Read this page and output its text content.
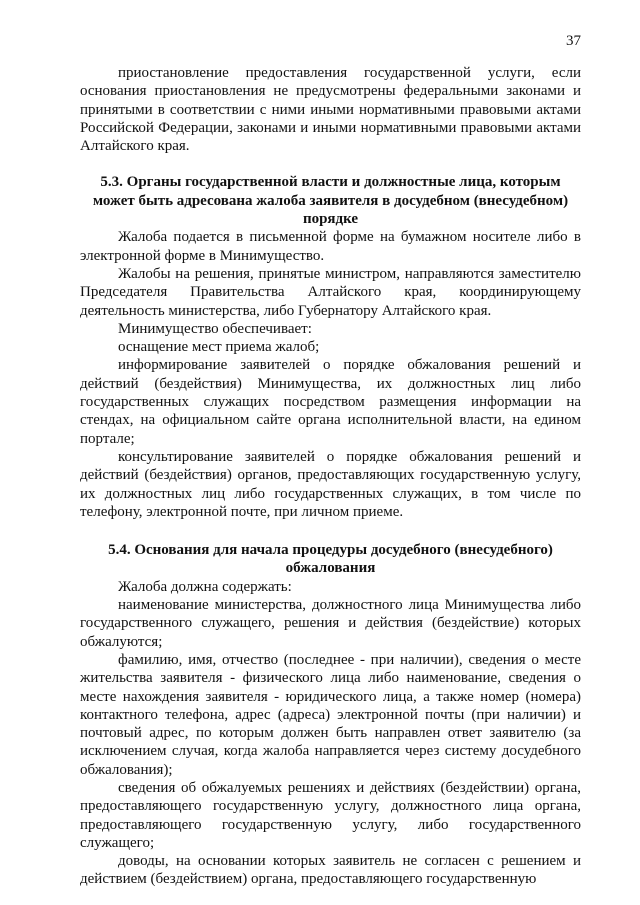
37

приостановление предоставления государственной услуги, если основания приостановления не предусмотрены федеральными законами и принятыми в соответствии с ними иными нормативными правовыми актами Российской Федерации, законами и иными нормативными правовыми актами Алтайского края.

5.3. Органы государственной власти и должностные лица, которым может быть адресована жалоба заявителя в досудебном (внесудебном) порядке

Жалоба подается в письменной форме на бумажном носителе либо в электронной форме в Минимущество.

Жалобы на решения, принятые министром, направляются заместителю Председателя Правительства Алтайского края, координирующему деятельность министерства, либо Губернатору Алтайского края.

Минимущество обеспечивает:

оснащение мест приема жалоб;

информирование заявителей о порядке обжалования решений и действий (бездействия) Минимущества, их должностных лиц либо государственных служащих посредством размещения информации на стендах, на официальном сайте органа исполнительной власти, на едином портале;

консультирование заявителей о порядке обжалования решений и действий (бездействия) органов, предоставляющих государственную услугу, их должностных лиц либо государственных служащих, в том числе по телефону, электронной почте, при личном приеме.

5.4. Основания для начала процедуры досудебного (внесудебного) обжалования

Жалоба должна содержать:

наименование министерства, должностного лица Минимущества либо государственного служащего, решения и действия (бездействие) которых обжалуются;

фамилию, имя, отчество (последнее - при наличии), сведения о месте жительства заявителя - физического лица либо наименование, сведения о месте нахождения заявителя - юридического лица, а также номер (номера) контактного телефона, адрес (адреса) электронной почты (при наличии) и почтовый адрес, по которым должен быть направлен ответ заявителю (за исключением случая, когда жалоба направляется через систему досудебного обжалования);

сведения об обжалуемых решениях и действиях (бездействии) органа, предоставляющего государственную услугу, должностного лица органа, предоставляющего государственную услугу, либо государственного служащего;

доводы, на основании которых заявитель не согласен с решением и действием (бездействием) органа, предоставляющего государственную
